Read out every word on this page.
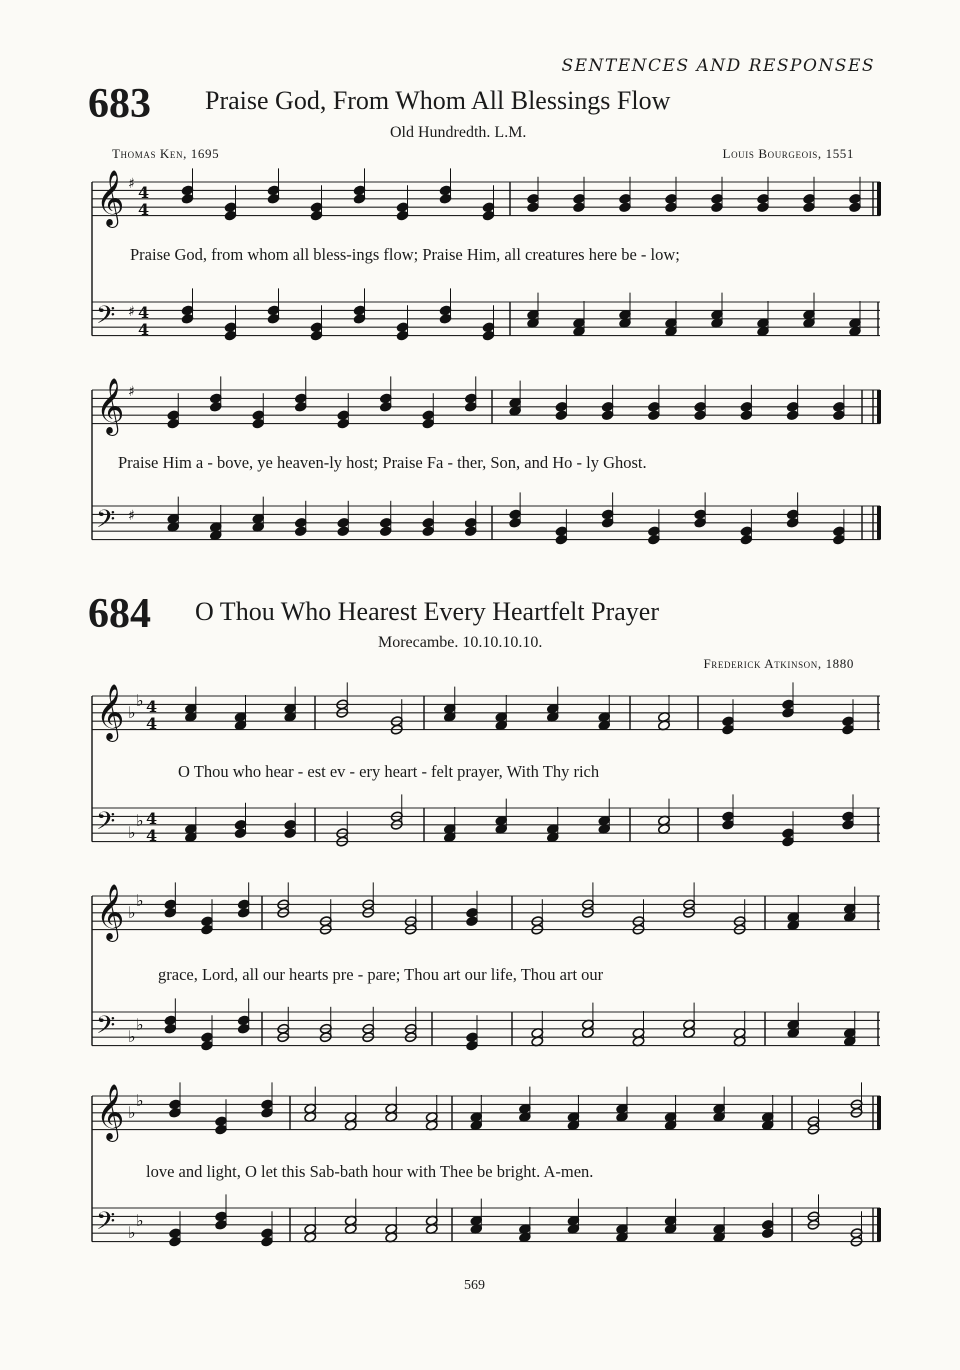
SENTENCES AND RESPONSES
683 Praise God, From Whom All Blessings Flow
Old Hundredth. L.M.
Thomas Ken, 1695	Louis Bourgeois, 1551
684 O Thou Who Hearest Every Heartfelt Prayer
Morecambe. 10.10.10.10.
Frederick Atkinson, 1880
𝄞
𝄢
♯
♯
4
4
4
4
𝄞
𝄢
♯
♯
𝄞
𝄢
♭
♭
♭
♭
4
4
4
4
𝄞
𝄢
♭
♭
♭
♭
𝄞
𝄢
♭
♭
♭
♭
Praise God, from whom all bless-ings flow; Praise Him, all creatures here be - low;
Praise Him a - bove, ye heaven-ly host; Praise Fa - ther, Son, and Ho - ly Ghost.
O Thou who hear - est ev - ery heart - felt prayer, With Thy rich
grace, Lord, all our hearts pre - pare; Thou art our life, Thou art our
love and light, O let this Sab-bath hour with Thee be bright. A-men.
569
